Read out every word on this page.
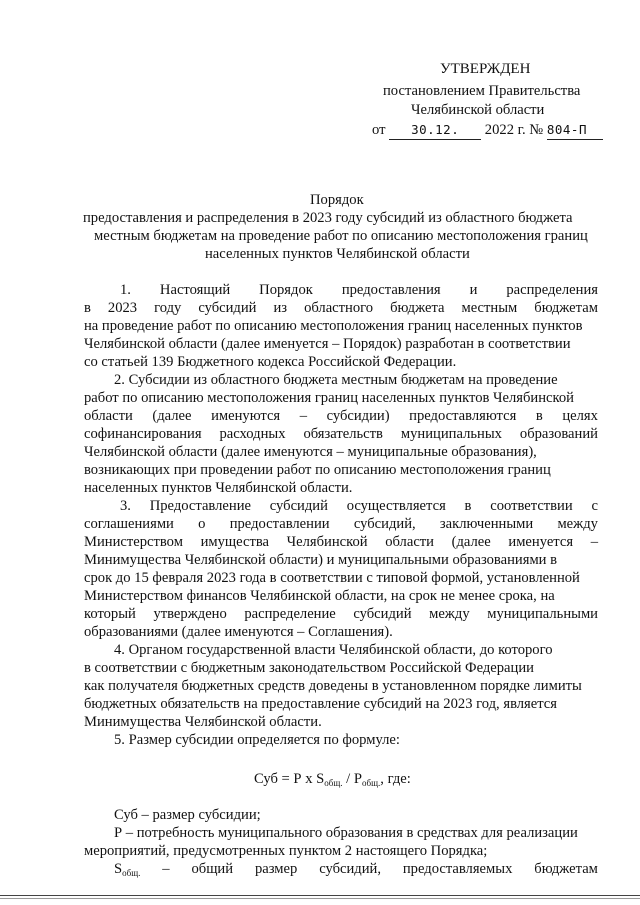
УТВЕРЖДЕН
постановлением Правительства
Челябинской области
от 30.12. 2022 г. № 804-П
Порядок
предоставления и распределения в 2023 году субсидий из областного бюджета
местным бюджетам на проведение работ по описанию местоположения границ
населенных пунктов Челябинской области
1. Настоящий Порядок предоставления и распределения
в 2023 году субсидий из областного бюджета местным бюджетам
на проведение работ по описанию местоположения границ населенных пунктов
Челябинской области (далее именуется – Порядок) разработан в соответствии
со статьей 139 Бюджетного кодекса Российской Федерации.
2. Субсидии из областного бюджета местным бюджетам на проведение
работ по описанию местоположения границ населенных пунктов Челябинской
области (далее именуются – субсидии) предоставляются в целях
софинансирования расходных обязательств муниципальных образований
Челябинской области (далее именуются – муниципальные образования),
возникающих при проведении работ по описанию местоположения границ
населенных пунктов Челябинской области.
3. Предоставление субсидий осуществляется в соответствии с
соглашениями о предоставлении субсидий, заключенными между
Министерством имущества Челябинской области (далее именуется –
Минимущества Челябинской области) и муниципальными образованиями в
срок до 15 февраля 2023 года в соответствии с типовой формой, установленной
Министерством финансов Челябинской области, на срок не менее срока, на
который утверждено распределение субсидий между муниципальными
образованиями (далее именуются – Соглашения).
4. Органом государственной власти Челябинской области, до которого
в соответствии с бюджетным законодательством Российской Федерации
как получателя бюджетных средств доведены в установленном порядке лимиты
бюджетных обязательств на предоставление субсидий на 2023 год, является
Минимущества Челябинской области.
5. Размер субсидии определяется по формуле:
Суб = Р х $S_{общ.} / Р_{общ.}$, где:
Суб – размер субсидии;
Р – потребность муниципального образования в средствах для реализации
мероприятий, предусмотренных пунктом 2 настоящего Порядка;
$S_{общ.}$ – общий размер субсидий, предоставляемых бюджетам
